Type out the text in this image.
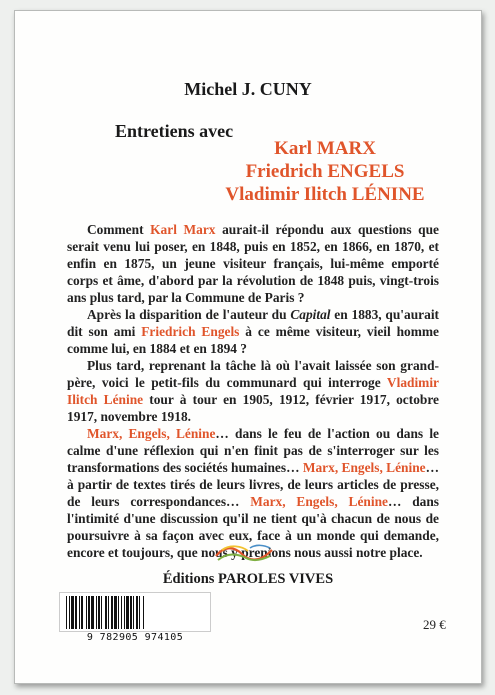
Michel J. CUNY
Entretiens avec
Karl MARX
Friedrich ENGELS
Vladimir Ilitch LÉNINE

Comment Karl Marx aurait-il répondu aux questions que serait venu lui poser, en 1848, puis en 1852, en 1866, en 1870, et enfin en 1875, un jeune visiteur français, lui-même emporté corps et âme, d'abord par la révolution de 1848 puis, vingt-trois ans plus tard, par la Commune de Paris ?

Après la disparition de l'auteur du Capital en 1883, qu'aurait dit son ami Friedrich Engels à ce même visiteur, vieil homme comme lui, en 1884 et en 1894 ?

Plus tard, reprenant la tâche là où l'avait laissée son grand-père, voici le petit-fils du communard qui interroge Vladimir Ilitch Lénine tour à tour en 1905, 1912, février 1917, octobre 1917, novembre 1918.

Marx, Engels, Lénine… dans le feu de l'action ou dans le calme d'une réflexion qui n'en finit pas de s'interroger sur les transformations des sociétés humaines… Marx, Engels, Lénine… à partir de textes tirés de leurs livres, de leurs articles de presse, de leurs correspondances… Marx, Engels, Lénine… dans l'intimité d'une discussion qu'il ne tient qu'à chacun de nous de poursuivre à sa façon avec eux, face à un monde qui demande, encore et toujours, que nous y prenions nous aussi notre place.

Éditions PAROLES VIVES
9 782905 974105
29 €
